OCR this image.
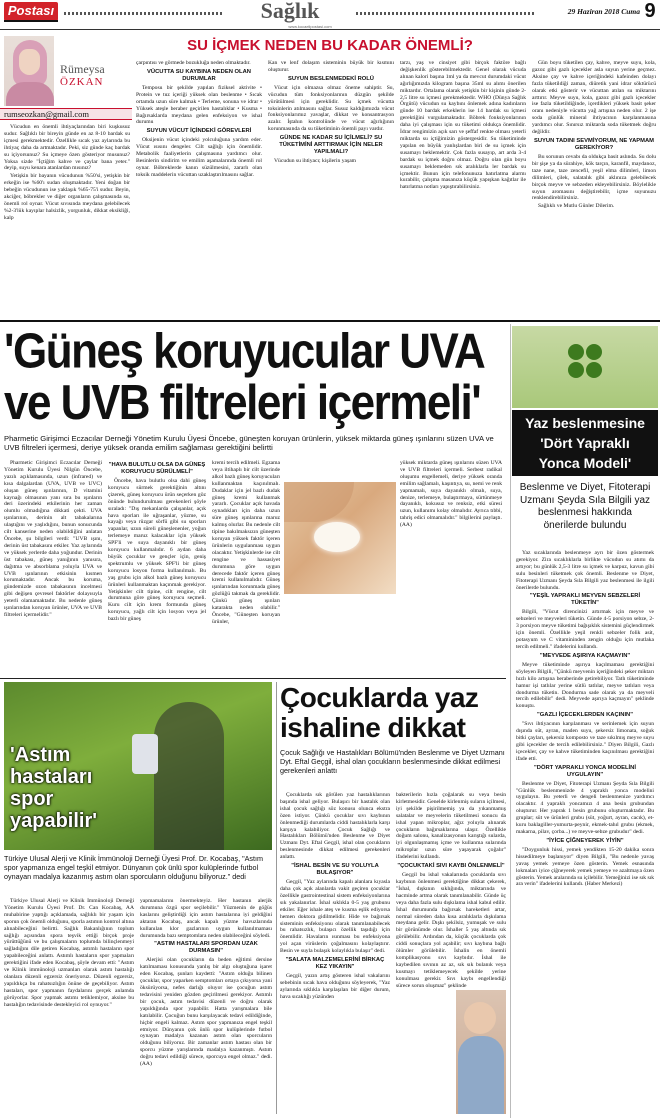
Postası	Sağlık	29 Haziran 2018 Cuma 9
www.kocaelipostasi.com
Rümeysa
ÖZKAN
rumseozkan@gmail.com
SU İÇMEK NEDEN BU KADAR ÖNEMLİ?

Vücudun en önemli ihtiyaçlarından biri kuşkusuz sudur. Sağlıklı bir bireyin günde en az 8-10 bardak su içmesi gerekmektedir. Özellikle sıcak yaz aylarında bu ihtiyaç daha da artmaktadır. Peki, siz günde kaç bardak su içiyorsunuz? Su içmeye özen gösteriyor musunuz? Yoksa sizde "İçtiğim kahve ve çaylar bana yeter." deyip, suyu kenara atanlardan mısınız?

Yetişkin bir bayanın vücudunun %50'si, yetişkin bir erkeğin ise %60'ı sudan oluşmaktadır. Yeni doğan bir bebeğin vücudunun ise yaklaşık %65-75'i sudur. Beyin, akciğer, böbrekler ve diğer organların çalışmasında su, önemli rol oynar. Vücut sıvısında meydana gelebilecek %2-3'lük kayıplar halsizlik, yorgunluk, dikkat eksikliği, kalp

çarpıntısı ve görmede bozukluğa neden olmaktadır.

VÜCUTTA SU KAYBINA NEDEN OLAN DURUMLAR

Temposu bir şekilde yapılan fiziksel aktivite • Protein ve tuz içeriği yüksek olan beslenme • Sıcak ortamda uzun süre kalmak • Terleme, sonuna ve idrar • Yüksek ateşle beraber geçirilen hastalıklar • Kusma • Bağırsaklarda meydana gelen enfeksiyon ve ishal durumu

SUYUN VÜCUT İÇİNDEKİ GÖREVLERİ

Oksijenin vücut içindeki yolculuğuna yardım eder. Vücut ısısını dengeler. Cilt sağlığı için önemlidir. Metabolik faaliyetlerin çalışmasına yardımcı olur. Besinlerin sindirim ve emilim aşamalarında önemli rol oynar. Böbreklerde kanın süzülmesini, zararlı olan toksik maddelerin vücuttan uzaklaştırılmasını sağlar.

Kan ve lenf dolaşım sisteminin büyük bir kısmını oluşturur.

SUYUN BESLENMEDEKİ ROLÜ

Vücut için olmazsa olmaz öneme sahiptir. Su, vücudun tüm fonksiyonlarının düzgün şekilde yürütülmesi için gereklidir. Su içmek vücutta toksinlerin atılmasını sağlar. Susuz kaldığımızda vücut fonksiyonlarımız yavaşlar, dikkat ve konsantrasyon azalır. İştahın kontrolünde ve vücut ağırlığının korunmasında da su tüketiminin önemli payı vardır.

GÜNDE NE KADAR SU İÇİLMELİ? SU TÜKETİMİNİ ARTTIRMAK İÇİN NELER YAPILMALI?

Vücudun su ihtiyacı; kişilerin yaşam

tarzı, yaş ve cinsiyet gibi birçok faktöre bağlı değişkenlik gösterebilmektedir. Genel olarak vücuda alınan kalori başına 1ml ya da mevcut durumdaki vücut ağırlığımızda kilogram başına 35ml su alımı önerilen miktardır. Ortalama olarak yetişkin bir kişinin günde 2-2,5 litre su içmesi gerekmektedir. WHO (Dünya Sağlık Örgütü) vücudun su kaybını önlemek adına kadınların günde 10 bardak erkeklerin ise 14 bardak su içmesi gerektiğini vurgulamaktadır. Böbrek fonksiyonlarının daha iyi çalışması için su tüketimi oldukça önemlidir. İdrar rengimizin açık sarı ve şeffaf renkte olması yeterli miktarda su içtiğimizin göstergesidir. Su tüketiminde yapılan en büyük yanlışlardan biri de su içmek için susamayı beklemektir. Çok fazla susayıp, art arda 3-4 bardak su içmek doğru olmaz. Doğru olan gün boyu susamayı beklemeden sık aralıklarla ler bardak su içmektir. Bunun için telefonunuza hatırlatma alarmı kurabilir, çalışma masanıza küçük yapışkan kağıtlar ile hatırlatma notları yapıştırabilirsiniz.

Gün boyu tüketilen çay, kahve, meyve suyu, kola, gazoz gibi gazlı içecekler asla suyun yerine geçmez. Aksine çay ve kahve içeriğindeki kafeinden dolayı fazla tüketildiği zaman, diüretik yani idrar söktürücü olarak etki gösterir ve vücuttan atılan su miktarını arttırır. Meyve suyu, kola, gazoz gibi gazlı içecekler ise fazla tüketildiğinde, içerdikleri yüksek basit şeker oranı nedeniyle vücutta yağ artışına neden olur. 2 işe soda günlük mineral ihtiyacının karşılanmasına yardımcı olur. Sınırsız miktarda soda tüketmek doğru değildir.

SUYUN TADINI SEVMİYORUM, NE YAPMAM GEREKİYOR?

Bu sorunun cevabı da oldukça basit aslında. Su dolu bir şişe ya da sürahiye, kök tarçın, karanfil, maydanoz, taze nane, taze zencefil, yeşil elma dilimleri, limon dilimleri, çilek, salatalık gibi aklınıza gelebilecek birçok meyve ve sebzeden ekleyebilirsiniz. Böylelikle suyun aromasını değiştirebilir, içme suyunuzu renklendirebilirsiniz.

Sağlıklı ve Mutlu Günler Dilerim.

'Güneş koruyucular UVA ve UVB filtreleri içermeli'
Pharmetic Girişimci Eczacılar Derneği Yönetim Kurulu Üyesi Öncebe, güneşten koruyan ürünlerin, yüksek miktarda güneş ışınlarını süzen UVA ve UVB filtreleri içermesi, deriye yüksek oranda emilim sağlaması gerektiğini belirtti

Pharmetic Girişimci Eczacılar Derneği Yönetim Kurulu Üyesi Nilgün Öncebe, yazılı açıklamasında, uzun (infrared) ve kısa dalgalardan (UVA, UVB ve UVC) oluşan güneş ışınlarının, D vitamini kaynağı olmasının yanı sıra bu ışınların deri üzerindeki etkilerinin her zaman olumlu olmadığına dikkati çekti. UVA ışınlarının, derinin alt tabakalarına ulaştığını ve yaşlıdığını, bunun sonucunda cilt kanserine neden olabildiğini anlatan Öncebe, şu bilgileri verdi: "UVB ışını, derinin üst tabakasını etkiler. Yaz aylarında ve yüksek yerlerde daha yoğundur. Derinin üst tabakası, güneş yanığının yanısıra, dağıtma ve absorblama yoluyla UVA ve UVB ışınlarının etkisinin kısmen korumaktadır. Ancak bu koruma, gündemizde ozon tabakasının incelmesi gibi değişen çevresel faktörler dolayısıyla yeterli olamamaktadır. Bu nedenle güneş ışınlarından koruyan ürünler, UVA ve UVB filtreleri içermelidir."

"HAVA BULUTLU OLSA DA GÜNEŞ KORUYUCU SÜRÜLMELİ"

Öncebe, hava bulutlu olsa dahi güneş koruyucu sürmek gerektiğinin altını çizerek, güneş koruyucu ürün seçerken göz önünde bulundurulması gerekenleri şöyle sıraladı: "Dış mekanlarda çalışanlar, açık hava sporları ile uğraşanlar, yüzme, su kayağı veya rüzgar sörfü gibi su sporları yapanlar, uzun süreli güneşlenenler, yoğun terlemeye maruz kalacaklar için yüksek SPF'li ve suya dayanıklı bir güneş koruyucu kullanmalıdır. 6 aydan daha büyük çocuklar ve gençler için, geniş spektrumlu ve yüksek SPF'li bir güneş koruyucu losyon forma kullanılmalı. Bu yaş grubu için alkol bazlı güneş koruyucu ürünleri kullanmaktan kaçınmak gerekiyor. Yetişkinler cilt tipine, cilt rengine, cilt durumuna göre güneş koruyucu seçmeli. Kuru cilt için krem formunda güneş koruyucu, yağlı cilt için losyon veya jel bazlı bir güneş

kremi tercih edilmeli. Egzama veya iltihaplı bir cilt üzerinde alkol bazlı güneş koruyucuları kullanmaktan kaçınılmalı. Dudaklar için jel bazlı dudak güneş kremi kullanmak yararlı. Çocuklar açık havada oynadıkları için daha uzun süre güneş ışınlarına maruz kalmış olurlar. Bu nedenle cilt tipine bakılmaksızın güneşten koruyan yüksek faktör içeren ürünlerin uygulanması uygun olacaktır. Yetişkinlerde ise cilt rengine ve hassasiyet durumuna göre uygun derecede faktör içeren güneş kremi kullanılmalıdır. Güneş ışınlarından korunmada güneş gözlüğü takmak da gereklidir. Çünkü güneş ışınları katarakta neden olabilir." Öncebe, "Güneşten koruyan ürünler,

yüksek miktarda güneş ışınlarını süzen UVA ve UVB filtreleri içermeli. Serbest radikal oluşumu engellemeli, deriye yüksek oranda emilim sağlamalı, kaşıntıya, su, nemi ve renk yapmamalı, suya dayanıklı olmalı, suya, denize, terlemeye, bulaştırmaya, sürtünmeye dayanıklı, kokusuz ve renksiz, etki süresi uzun, kullanımı kolay olmalıdır. Ayrıca tıbbi, tahriş edici olmamalıdır." bilgilerini paylaştı. (AA)

'Astım hastaları spor yapabilir'
Türkiye Ulusal Alerji ve Klinik İmmünoloji Derneği Üyesi Prof. Dr. Kocabaş, "Astım spor yapmanıza engel teşkil etmiyor. Dünyanın çok ünlü spor kulüplerinde futbol oynayan madalya kazanmış astım olan sporcuların olduğunu biliyoruz." dedi

Türkiye Ulusal Alerji ve Klinik İmmünoloji Derneği Yönetim Kurulu Üyesi Prof. Dr. Can Kocabaş, AA muhabirine yaptığı açıklamada, sağlıklı bir yaşam için sporun çok önemli olduğunu, sporla astımın kontrol altına alınabileceğini belirtti. Sağlık Bakanlığının toplum sağlığı açısından spora teşvik ettiği birçok proje yürüttüğünü ve bu çalışmaların toplumda bilinçlenmeyi sağladığını dile getiren Kocabaş, astımlı hastaların spor yapabileceğini anlattı. Astımlı hastaların spor yapmaları gerektiğini ifade eden Kocabaş, şöyle devam etti: "Astım ve Klinik immünoloji uzmanları olarak astım hastalığı olanlara düzenli egzersiz öneriyoruz. Düzenli egzersiz, yapıldıkça bu rahatsızlığın önüne de geçebiliyor. Astım hastaları, spor yapmanın faydalarını gerçek anlamda görüyorlar. Spor yapmak astımı tetiklemiyor, aksine bu hastalığın tedavisinde destekleyici rol oynuyor."

yapmamalarını önermekteyiz. Her hastanın alerjik durumuna özgü spor seçilebilir." Yüzmenin de göğüs kaslarını geliştirdiği için astım hastalarına iyi geldiğini aktaran Kocabaş, ancak kapalı yüzme havuzlarında kullanılan klor gazlarının uygun kullanılmaması durumunda bazı semptomlara neden olabileceğini söyledi.

"ASTIM HASTALARI SPORDAN UZAK DURMASIN"

Alerjisi olan çocukların da beden eğitimi dersine katılmaması konusunda yanlış bir algı oluştuğuna işaret eden Kocabaş, şunları kaydetti: "Astım olduğu bilinen çocuklar, spor yaparken semptomları ortaya çıkıyorsa yani öksürüyorsa, nefes darlığı oluyor ise çocuğun astım tedavisini yeniden gözden geçirilmesi gerekiyor. Astımlı bir çocuk, astım tedavisi düzenli ve doğru olarak yapıldığında spor yapabilir. Hatta yarışmalara bile katılabilir. Çocuğun bunu karşılayacak tedavi edildiğinde, hiçbir engeli kalmaz. Astım spor yapmanıza engel teşkil etmiyor. Dünyanın çok ünlü spor kulüplerinde futbol oynayan madalya kazanan astım olan sporcuların olduğunu biliyoruz. Bir zamanlar astım hastası olan bir sporcu yüzme yarışlarında madalya kazanmıştı. Astım doğru tedavi edildiği sürece, sporcuya engel olmaz." dedi. (AA)

Çocuklarda yaz
ishaline dikkat
Çocuk Sağlığı ve Hastalıkları Bölümü'nden Beslenme ve Diyet Uzmanı Dyt. Eftal Geçgil, ishal olan çocukların beslenmesinde dikkat edilmesi gerekenleri anlattı

Çocuklarda sık görülen yaz hastalıklarının başında ishal geliyor. Bulaşıcı bir hastalık olan ishal çocuk sağlığı söz konusu olunca ekstra özen istiyor. Çünkü çocuklar sıvı kaybının önlenmediği durumlarda ciddi hastalıklarla karşı karşıya kalabiliyor. Çocuk Sağlığı ve Hastalıkları Bölümü'nden Beslenme ve Diyet Uzmanı Dyt. Eftal Geçgil, ishal olan çocukların beslenmesinde dikkat edilmesi gerekenleri anlattı.

"İSHAL BESİN VE SU YOLUYLA BULAŞIYOR"

Geçgil, "Yaz aylarında kapalı alanlara kıyasla daha çok açık alanlarda vakit geçiren çocuklar özellikle gastrointestinal sistem enfeksiyonlarına sık yakalanırlar. İshal sıklıkla 0-5 yaş grubunu etkiler. Eğer ishale ateş ve kusma eşlik ediyorsa hemen doktora gidilmelidir. Hide ve bağırsak sisteminin enfeksiyonu olarak tanımlanabilecek bu rahatsızlık, bulaşıcı özellik taşıdığı için önemlidir. Havaların ısınması bu enfeksiyona yol açan virüslerin çoğalmasını kolaylaştırır. Besin ve suyla bulaşık kolaylıkla bulaşır" dedi.

"SALATA MALZEMELERİNİ BİRKAÇ KEZ YIKAYIN"

Geçgil, yazın artış gösteren ishal vakalarını sebebinin sıcak hava olduğunu söyleyerek, "Yaz aylarında sıklıkla karşılaşılan bir diğer durum, hava sıcaklığı yüzünden

bakterilerin hızla çoğalarak su veya besin kirletmesidir. Genelde kirlenmiş suların içilmesi, iyi şekilde pişirilmemiş ya da yıkanmamış salatalar ve meyvelerin tüketilmesi sonucu da ishal yapan mikroplar, ağız yoluyla alınarak çocukların bağırsaklarına ulaşır. Özellikle doğum salonu, kanalizasyonun karıştığı sularda, iyi olgunlaşmamış içme ve kullanma sularında mikroplar uzun süre yaşayarak çoğalır" ifadelerini kullandı.

"ÇOCUKTAKİ SIVI KAYBI ÖNLENMELİ"

Geçgil bu ishal vakalarında çocuklarda sıvı kaybının önlenmesi gerektiğine dikkat çekerek, "İshal, dışkının sıklığında, miktarında ve hacminde artma olarak tanımlanabilir. Günde üç veya daha fazla sulu dışkılama ishal kabul edilir. İshal durumunda bağırsak hareketleri artar, normal süreden daha kısa aralıklarla dışkılama meydana gelir. Dışkı şekilsiz, yumuşak ve sulu bir görünümde olur. İshaller 5 yaş altında sık görülebilir. Ardından da, küçük çocuklarda çok ciddi sonuçlara yol açabilir; sıvı kaybına bağlı ölümler görülebilir. İshalin en önemli komplikasyonu sıvı kaybıdır. İshal ile kaybedilen sıvının az az, sık sık bulanık veya kusmayı tetiklemeyecek şekilde yerine konulması gerekir. Sıvı kaybı engellendiği sürece sorun oluşmaz" şeklinde

Yaz beslenmesine
'Dört Yapraklı
Yonca Modeli'
Beslenme ve Diyet, Fitoterapi Uzmanı Şeyda Sıla Bilgili yaz beslenmesi hakkında önerilerde bulundu

Yaz sıcaklarında beslenmeye ayrı bir özen göstermek gerekiyor. Zira sıcaklıklarla birlikte vücudun su atımı da artıyor; bu günlük 2,5-3 litre su içmek ve karpuz, kavun gibi sulu besinleri tüketmek çok önemli. Beslenme ve Diyet, Fitoterapi Uzmanı Şeyda Sıla Bilgili yaz beslenmesi ile ilgili önerilerde bulundu.

"YEŞİL YAPRAKLI MEYVEN SEBZELERİ TÜKETİN"

Bilgili, "Vücut direncinizi artırmak için meyve ve sebzeleri ve meyveleri tüketin. Günde 4-5 porsiyon sebze, 2-3 porsiyon meyve tüketimi bağışıklık sistemini güçlendirmek için önemli. Özellikle yeşil renkli sebzeler folik asit, potasyum ve C vitamininden zengin olduğu için mutlaka tercih edilmeli." ifadelerini kullandı.

"MEYVEDE AŞIRIYA KAÇMAYIN"

Meyve tüketiminde aşırıya kaçılmaması gerektiğini söyleyen Bilgili, "Çünkü meyvenin içeriğindeki şeker miktarı hızlı kilo artışına beraberinde getirebiliyor. Tatlı tüketiminde hamur işi tatlılar yerine sütlü tatlılar, meyve tatlıları veya dondurma tüketin. Dondurma sade olarak ya da meyveli tercih edilebilir" dedi. Meyvede aşırıya kaçmayın" şeklinde konuştu.

"GAZLI İÇECEKLERDEN KAÇININ"

"Sıvı ihtiyacının karşılanması ve serinlemek için suyun dışında süt, ayran, maden suyu, şekersiz limonata, soğuk bitki çayları, şekersiz komposto ve taze sıkılmış meyve suyu gibi içecekler de tercih edilebilirsiniz." Diyen Bilgili, Gazlı içecekler, çay ve kahve tüketiminden kaçınılması gerektiğini ifade etti.

"DÖRT YAPRAKLI YONCA MODELİNİ UYGULAYIN"

Beslenme ve Diyet, Fitoterapi Uzmanı Şeyda Sıla Bilgili "Günlük beslenmenizde 4 yapraklı yonca modelini uygulayın. Bu yeterli ve dengeli beslenmenize yardımcı olacaktır. 4 yapraklı yoncamızı 4 ana besin grubundan oluşturur. Her yaprak 1 besin grubunu oluşturmaktadır. Bu gruplar; süt ve ürünleri grubu (süt, yoğurt, ayran, cacık), et-kuru baklagiller-yumurta-peynir, ekmek-tahıl grubu (ekmek, makarna, pilav, çorba...) ve meyve-sebze grubudur" dedi.

"İYİCE ÇİĞNEYEREK YİYİN"

"Doygunluk hissi, yemek yendikten 15-20 dakika sonra hissedilmeye başlanıyor" diyen Bilgili, "Bu nedenle yavaş yavaş yemek yemeye özen gösterin. Yemek esnasında lokmaları iyice çiğneyerek yemek yemeye ve azaltmaya özen gösterin. Yemek aralarında su içilebilir. Yemeğinizi ise sık sık ara verin" ifadelerini kullandı. (Haber Merkezi)
